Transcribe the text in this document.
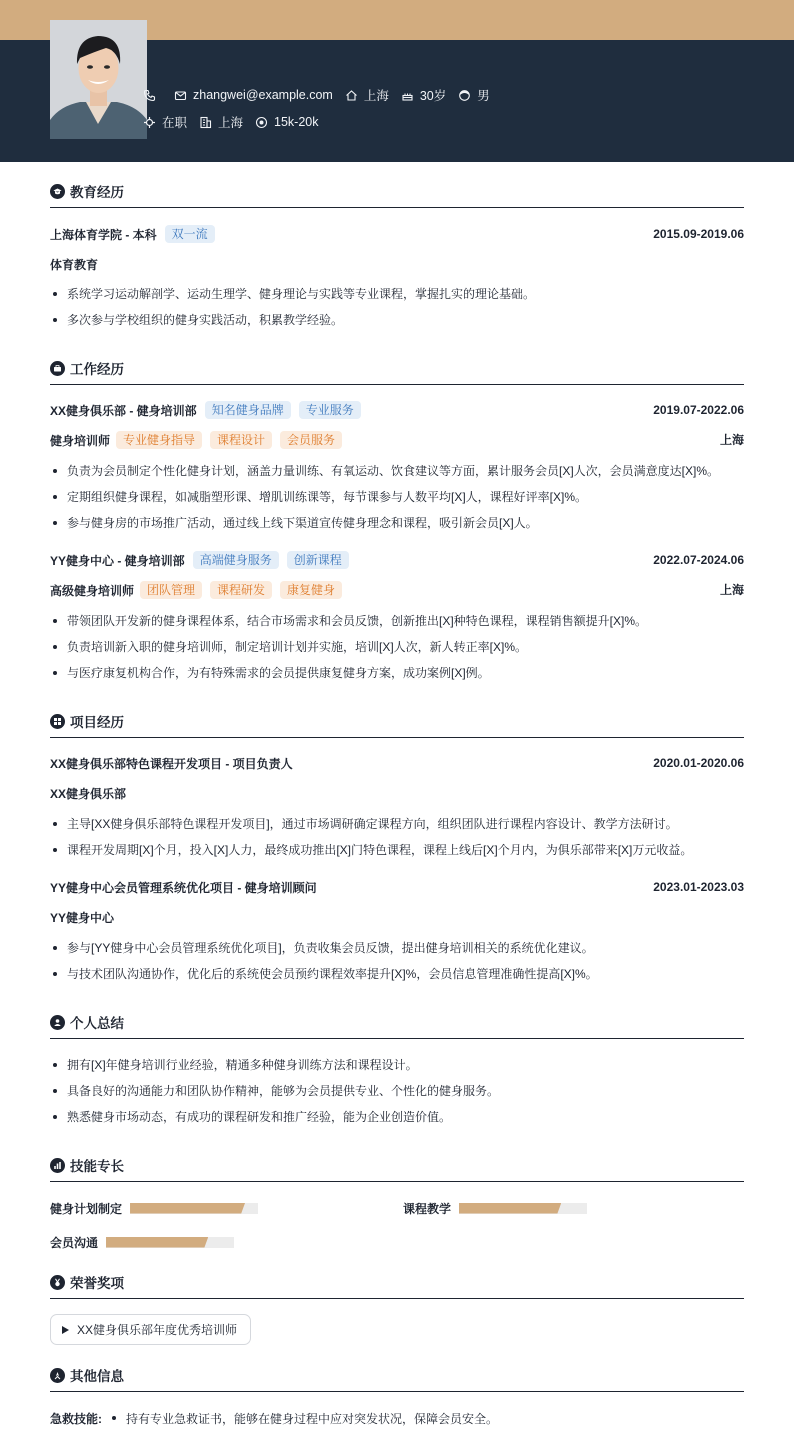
zhangwei@example.com 上海 30岁 男
在职 上海 15k-20k
教育经历
上海体育学院 - 本科	双一流	2015.09-2019.06
体育教育
系统学习运动解剖学、运动生理学、健身理论与实践等专业课程，掌握扎实的理论基础。
多次参与学校组织的健身实践活动，积累教学经验。
工作经历
XX健身俱乐部 - 健身培训部	知名健身品牌	专业服务	2019.07-2022.06
健身培训师	专业健身指导	课程设计	会员服务	上海
负责为会员制定个性化健身计划，涵盖力量训练、有氧运动、饮食建议等方面，累计服务会员[X]人次，会员满意度达[X]%。
定期组织健身课程，如减脂塑形课、增肌训练课等，每节课参与人数平均[X]人，课程好评率[X]%。
参与健身房的市场推广活动，通过线上线下渠道宣传健身理念和课程，吸引新会员[X]人。
YY健身中心 - 健身培训部	高端健身服务	创新课程	2022.07-2024.06
高级健身培训师	团队管理	课程研发	康复健身	上海
带领团队开发新的健身课程体系，结合市场需求和会员反馈，创新推出[X]种特色课程，课程销售额提升[X]%。
负责培训新入职的健身培训师，制定培训计划并实施，培训[X]人次，新人转正率[X]%。
与医疗康复机构合作，为有特殊需求的会员提供康复健身方案，成功案例[X]例。
项目经历
XX健身俱乐部特色课程开发项目 - 项目负责人	2020.01-2020.06
XX健身俱乐部
主导[XX健身俱乐部特色课程开发项目]，通过市场调研确定课程方向，组织团队进行课程内容设计、教学方法研讨。
课程开发周期[X]个月，投入[X]人力，最终成功推出[X]门特色课程，课程上线后[X]个月内，为俱乐部带来[X]万元收益。
YY健身中心会员管理系统优化项目 - 健身培训顾问	2023.01-2023.03
YY健身中心
参与[YY健身中心会员管理系统优化项目]，负责收集会员反馈，提出健身培训相关的系统优化建议。
与技术团队沟通协作，优化后的系统使会员预约课程效率提升[X]%，会员信息管理准确性提高[X]%。
个人总结
拥有[X]年健身培训行业经验，精通多种健身训练方法和课程设计。
具备良好的沟通能力和团队协作精神，能够为会员提供专业、个性化的健身服务。
熟悉健身市场动态，有成功的课程研发和推广经验，能为企业创造价值。
技能专长
健身计划制定	课程教学
会员沟通
荣誉奖项
XX健身俱乐部年度优秀培训师
其他信息
急救技能: 持有专业急救证书，能够在健身过程中应对突发状况，保障会员安全。
